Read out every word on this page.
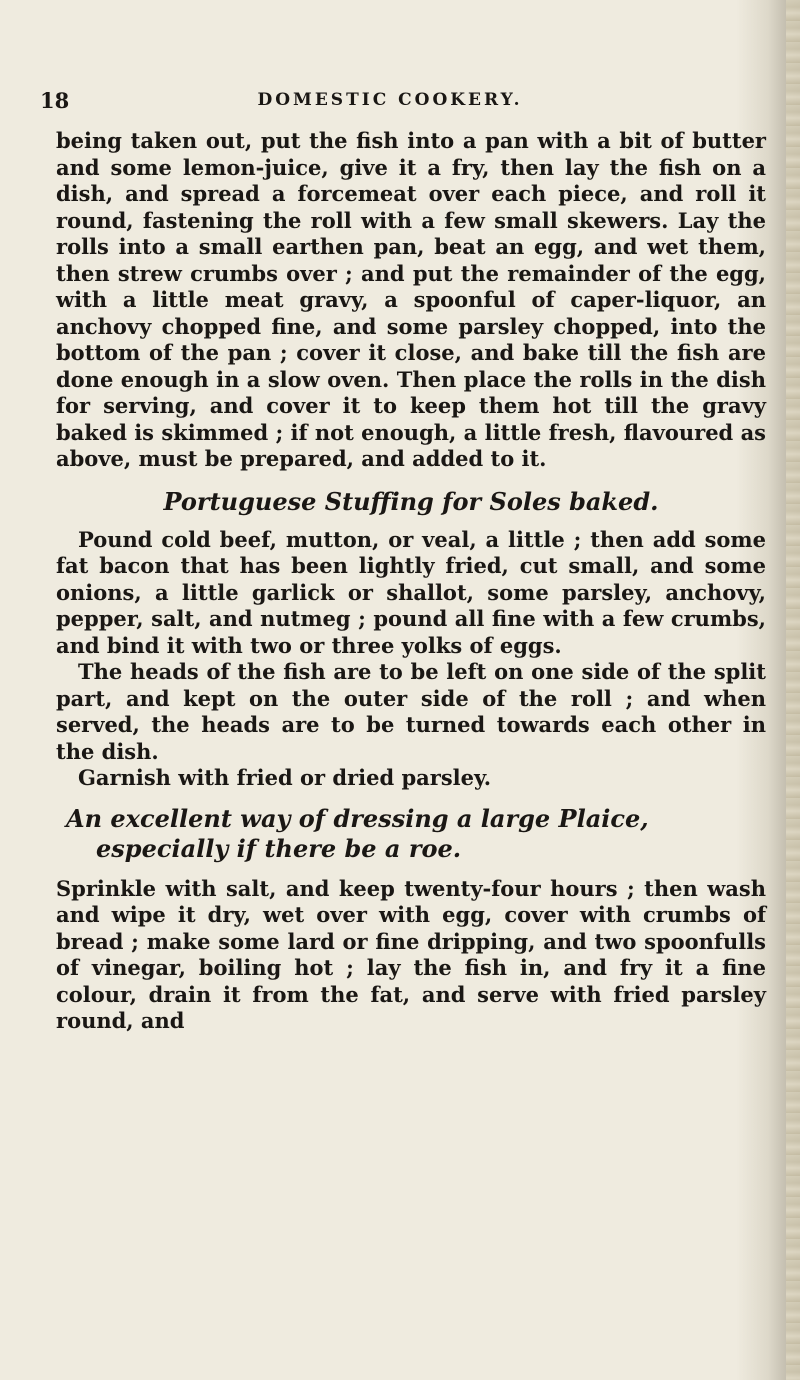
18	DOMESTIC COOKERY.

being taken out, put the fish into a pan with a bit of butter and some lemon-juice, give it a fry, then lay the fish on a dish, and spread a forcemeat over each piece, and roll it round, fastening the roll with a few small skewers. Lay the rolls into a small earthen pan, beat an egg, and wet them, then strew crumbs over ; and put the remainder of the egg, with a little meat gravy, a spoonful of caper-liquor, an anchovy chopped fine, and some parsley chopped, into the bottom of the pan ; cover it close, and bake till the fish are done enough in a slow oven. Then place the rolls in the dish for serving, and cover it to keep them hot till the gravy baked is skimmed ; if not enough, a little fresh, flavoured as above, must be prepared, and added to it.

Portuguese Stuffing for Soles baked.

Pound cold beef, mutton, or veal, a little ; then add some fat bacon that has been lightly fried, cut small, and some onions, a little garlick or shallot, some parsley, anchovy, pepper, salt, and nutmeg ; pound all fine with a few crumbs, and bind it with two or three yolks of eggs.

The heads of the fish are to be left on one side of the split part, and kept on the outer side of the roll ; and when served, the heads are to be turned towards each other in the dish.

Garnish with fried or dried parsley.

An excellent way of dressing a large Plaice,
especially if there be a roe.

Sprinkle with salt, and keep twenty-four hours ; then wash and wipe it dry, wet over with egg, cover with crumbs of bread ; make some lard or fine dripping, and two spoonfulls of vinegar, boiling hot ; lay the fish in, and fry it a fine colour, drain it from the fat, and serve with fried parsley round, and
